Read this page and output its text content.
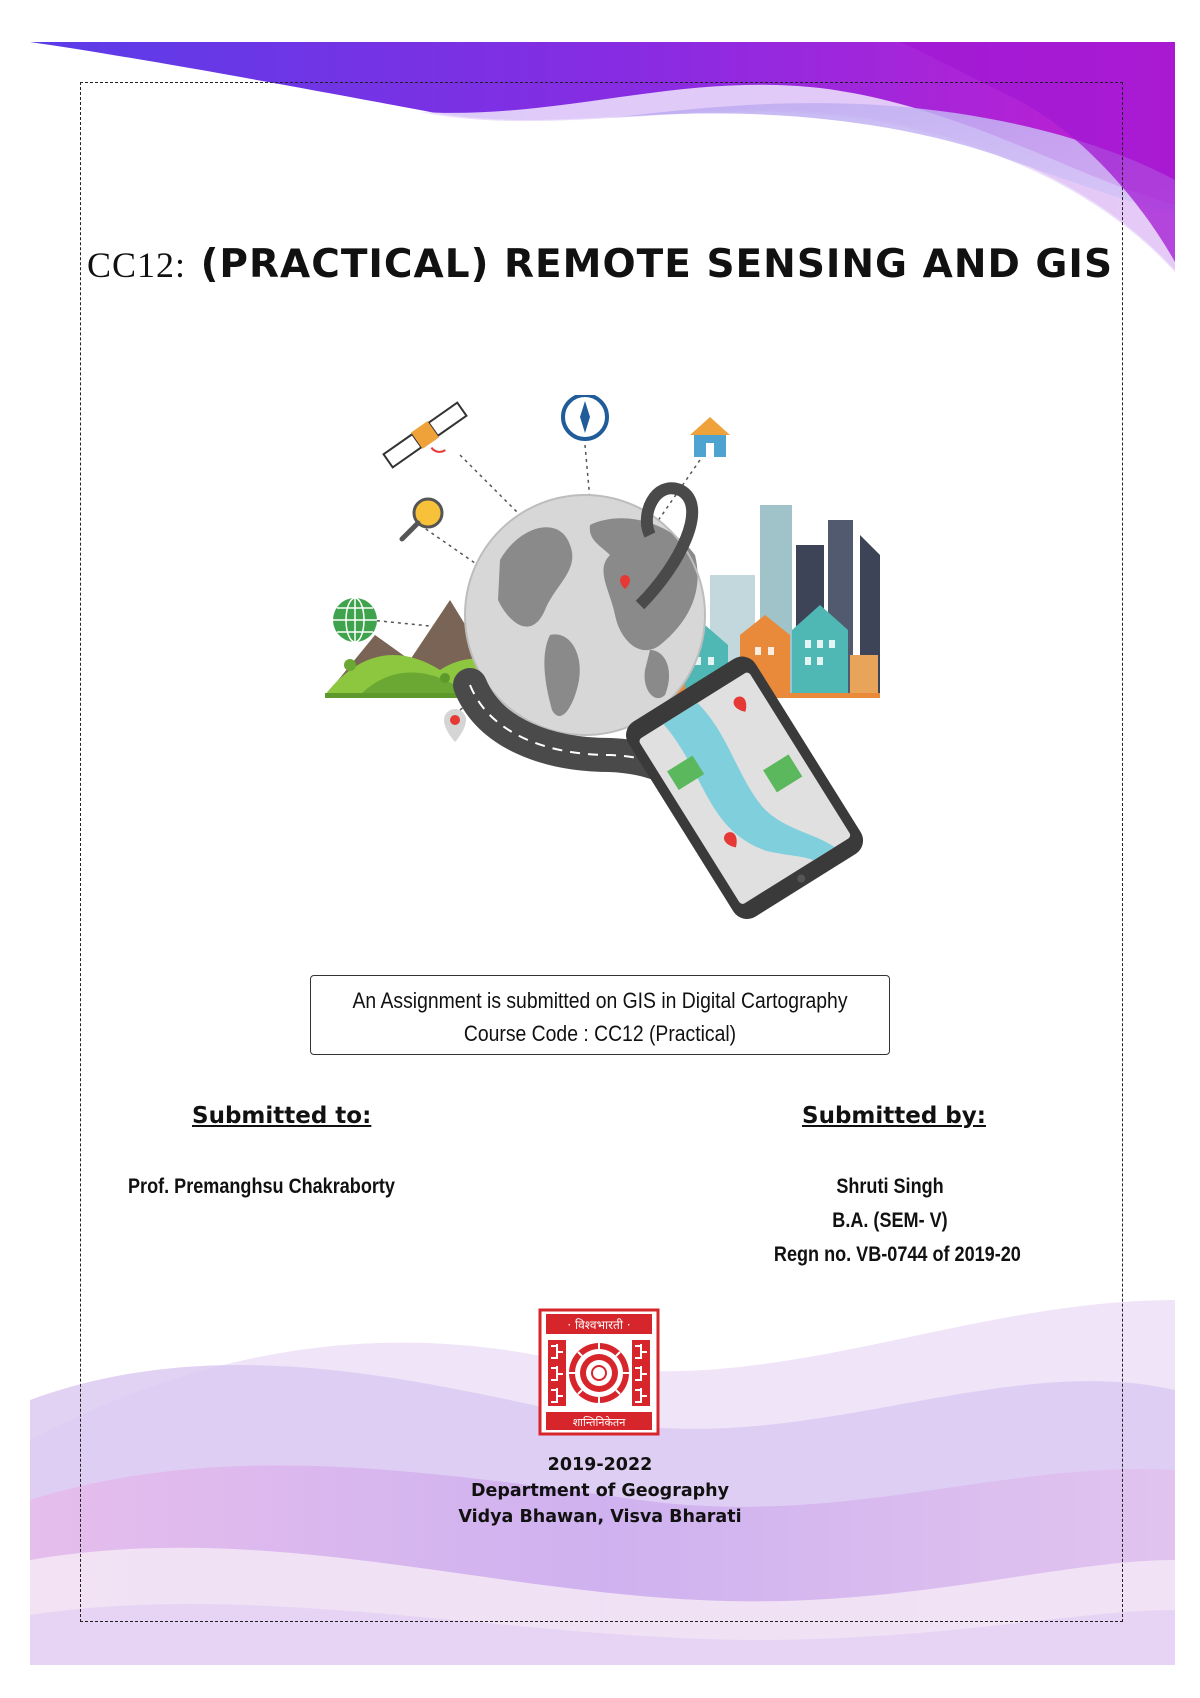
CC12: (PRACTICAL) REMOTE SENSING AND GIS
An Assignment is submitted on GIS in Digital Cartography
Course Code : CC12 (Practical)
Submitted to:	Submitted by:
Prof. Premanghsu Chakraborty	Shruti Singh
B.A. (SEM- V)
Regn no. VB-0744 of 2019-20
· विश्वभारती ·
शान्तिनिकेतन
2019-2022
Department of Geography
Vidya Bhawan, Visva Bharati
